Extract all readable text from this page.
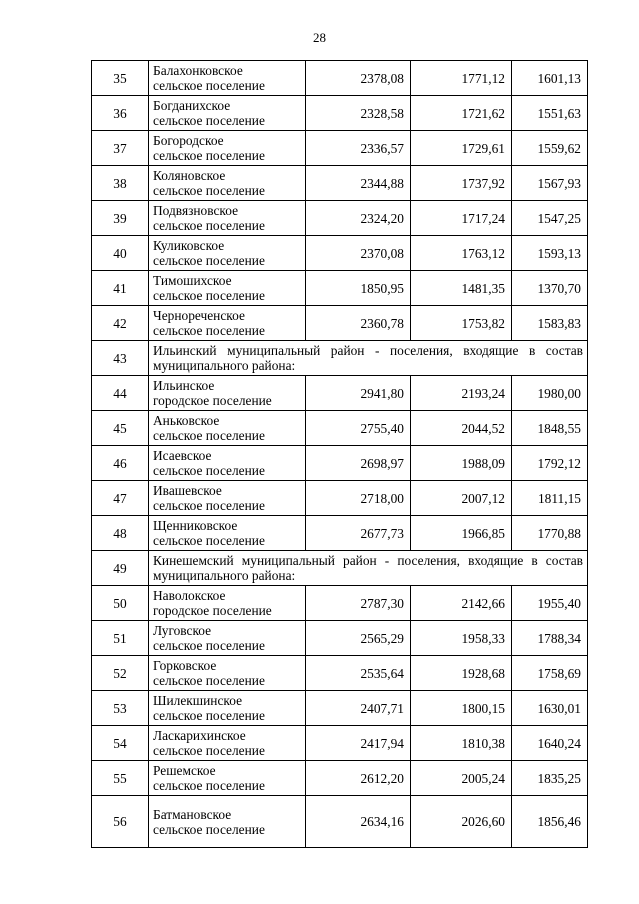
28
35	Балахонковское
сельское поселение	2378,08	1771,12	1601,13
36	Богданихское
сельское поселение	2328,58	1721,62	1551,63
37	Богородское
сельское поселение	2336,57	1729,61	1559,62
38	Коляновское
сельское поселение	2344,88	1737,92	1567,93
39	Подвязновское
сельское поселение	2324,20	1717,24	1547,25
40	Куликовское
сельское поселение	2370,08	1763,12	1593,13
41	Тимошихское
сельское поселение	1850,95	1481,35	1370,70
42	Чернореченское
сельское поселение	2360,78	1753,82	1583,83
43	Ильинский муниципальный район - поселения, входящие в состав муниципального района:			
44	Ильинское
городское поселение	2941,80	2193,24	1980,00
45	Аньковское
сельское поселение	2755,40	2044,52	1848,55
46	Исаевское
сельское поселение	2698,97	1988,09	1792,12
47	Ивашевское
сельское поселение	2718,00	2007,12	1811,15
48	Щенниковское
сельское поселение	2677,73	1966,85	1770,88
49	Кинешемский муниципальный район - поселения, входящие в состав муниципального района:			
50	Наволокское
городское поселение	2787,30	2142,66	1955,40
51	Луговское
сельское поселение	2565,29	1958,33	1788,34
52	Горковское
сельское поселение	2535,64	1928,68	1758,69
53	Шилекшинское
сельское поселение	2407,71	1800,15	1630,01
54	Ласкарихинское
сельское поселение	2417,94	1810,38	1640,24
55	Решемское
сельское поселение	2612,20	2005,24	1835,25
56	Батмановское
сельское поселение	2634,16	2026,60	1856,46
